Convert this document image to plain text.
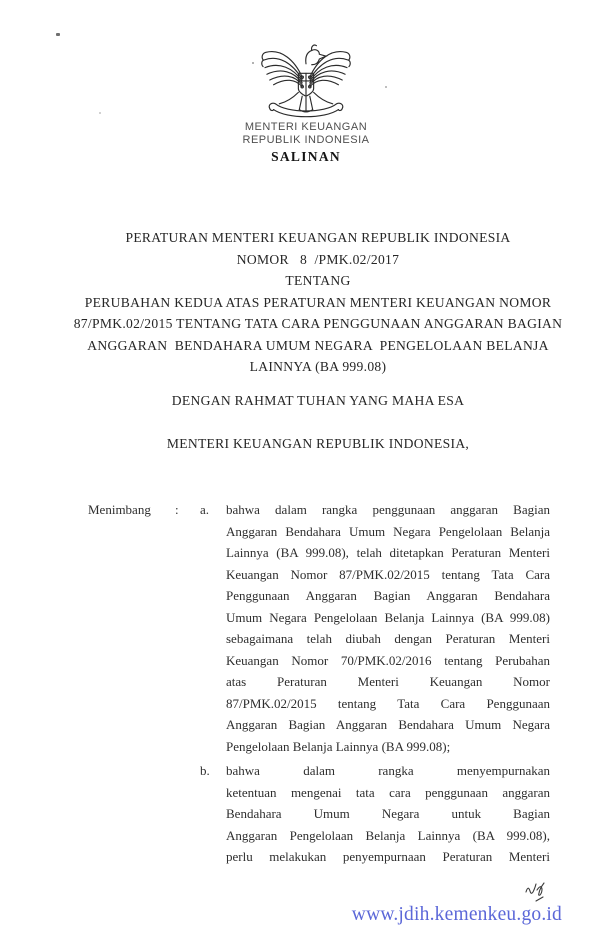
MENTERI KEUANGAN
REPUBLIK INDONESIA
SALINAN
PERATURAN MENTERI KEUANGAN REPUBLIK INDONESIA
NOMOR   8  /PMK.02/2017
TENTANG
PERUBAHAN KEDUA ATAS PERATURAN MENTERI KEUANGAN NOMOR
87/PMK.02/2015 TENTANG TATA CARA PENGGUNAAN ANGGARAN BAGIAN
ANGGARAN  BENDAHARA UMUM NEGARA  PENGELOLAAN BELANJA
LAINNYA (BA 999.08)
DENGAN RAHMAT TUHAN YANG MAHA ESA
MENTERI KEUANGAN REPUBLIK INDONESIA,
Menimbang	:	a.	bahwa dalam rangka penggunaan anggaran Bagian
Anggaran Bendahara Umum Negara Pengelolaan Belanja
Lainnya (BA 999.08), telah ditetapkan Peraturan Menteri
Keuangan Nomor 87/PMK.02/2015 tentang Tata Cara
Penggunaan Anggaran Bagian Anggaran Bendahara
Umum Negara Pengelolaan Belanja Lainnya (BA 999.08)
sebagaimana telah diubah dengan Peraturan Menteri
Keuangan Nomor 70/PMK.02/2016 tentang Perubahan
atas Peraturan Menteri Keuangan Nomor
87/PMK.02/2015 tentang Tata Cara Penggunaan
Anggaran Bagian Anggaran Bendahara Umum Negara
Pengelolaan Belanja Lainnya (BA 999.08);
b.	bahwa dalam rangka menyempurnakan
ketentuan mengenai tata cara penggunaan anggaran
Bendahara Umum Negara untuk Bagian
Anggaran Pengelolaan Belanja Lainnya (BA 999.08),
perlu melakukan penyempurnaan Peraturan Menteri
www.jdih.kemenkeu.go.id
